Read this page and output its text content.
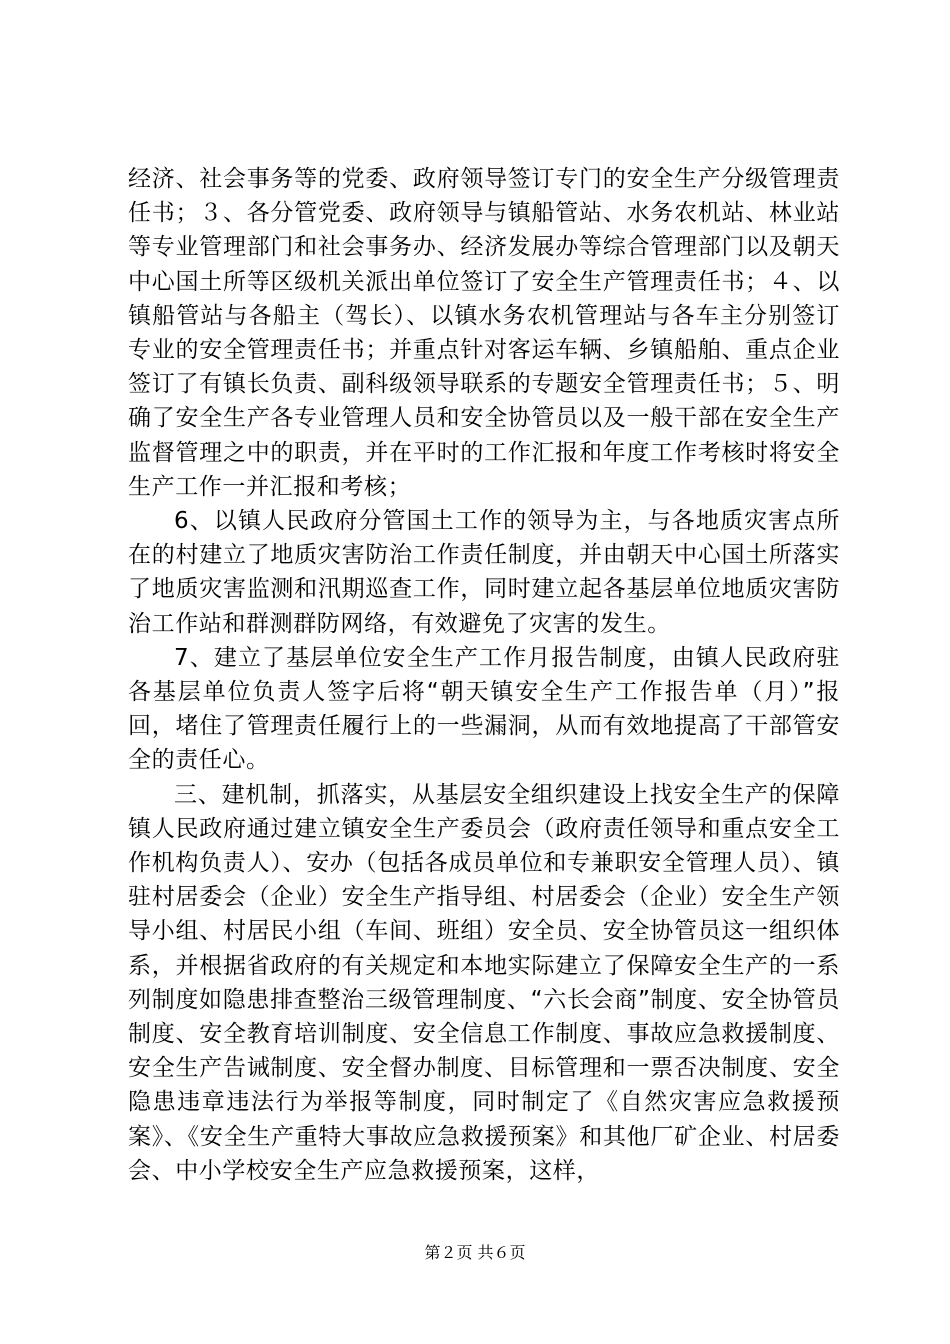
经济、社会事务等的党委、政府领导签订专门的安全生产分级管理责任书；３、各分管党委、政府领导与镇船管站、水务农机站、林业站等专业管理部门和社会事务办、经济发展办等综合管理部门以及朝天中心国土所等区级机关派出单位签订了安全生产管理责任书；４、以镇船管站与各船主（驾长）、以镇水务农机管理站与各车主分别签订专业的安全管理责任书；并重点针对客运车辆、乡镇船舶、重点企业签订了有镇长负责、副科级领导联系的专题安全管理责任书；５、明确了安全生产各专业管理人员和安全协管员以及一般干部在安全生产监督管理之中的职责，并在平时的工作汇报和年度工作考核时将安全生产工作一并汇报和考核；

6、以镇人民政府分管国土工作的领导为主，与各地质灾害点所在的村建立了地质灾害防治工作责任制度，并由朝天中心国土所落实了地质灾害监测和汛期巡查工作，同时建立起各基层单位地质灾害防治工作站和群测群防网络，有效避免了灾害的发生。

7、建立了基层单位安全生产工作月报告制度，由镇人民政府驻各基层单位负责人签字后将“朝天镇安全生产工作报告单（月）”报回，堵住了管理责任履行上的一些漏洞，从而有效地提高了干部管安全的责任心。

三、建机制，抓落实，从基层安全组织建设上找安全生产的保障镇人民政府通过建立镇安全生产委员会（政府责任领导和重点安全工作机构负责人）、安办（包括各成员单位和专兼职安全管理人员）、镇驻村居委会（企业）安全生产指导组、村居委会（企业）安全生产领导小组、村居民小组（车间、班组）安全员、安全协管员这一组织体系，并根据省政府的有关规定和本地实际建立了保障安全生产的一系列制度如隐患排查整治三级管理制度、“六长会商”制度、安全协管员制度、安全教育培训制度、安全信息工作制度、事故应急救援制度、安全生产告诫制度、安全督办制度、目标管理和一票否决制度、安全隐患违章违法行为举报等制度，同时制定了《自然灾害应急救援预案》、《安全生产重特大事故应急救援预案》和其他厂矿企业、村居委会、中小学校安全生产应急救援预案，这样，

第２页 共６页
